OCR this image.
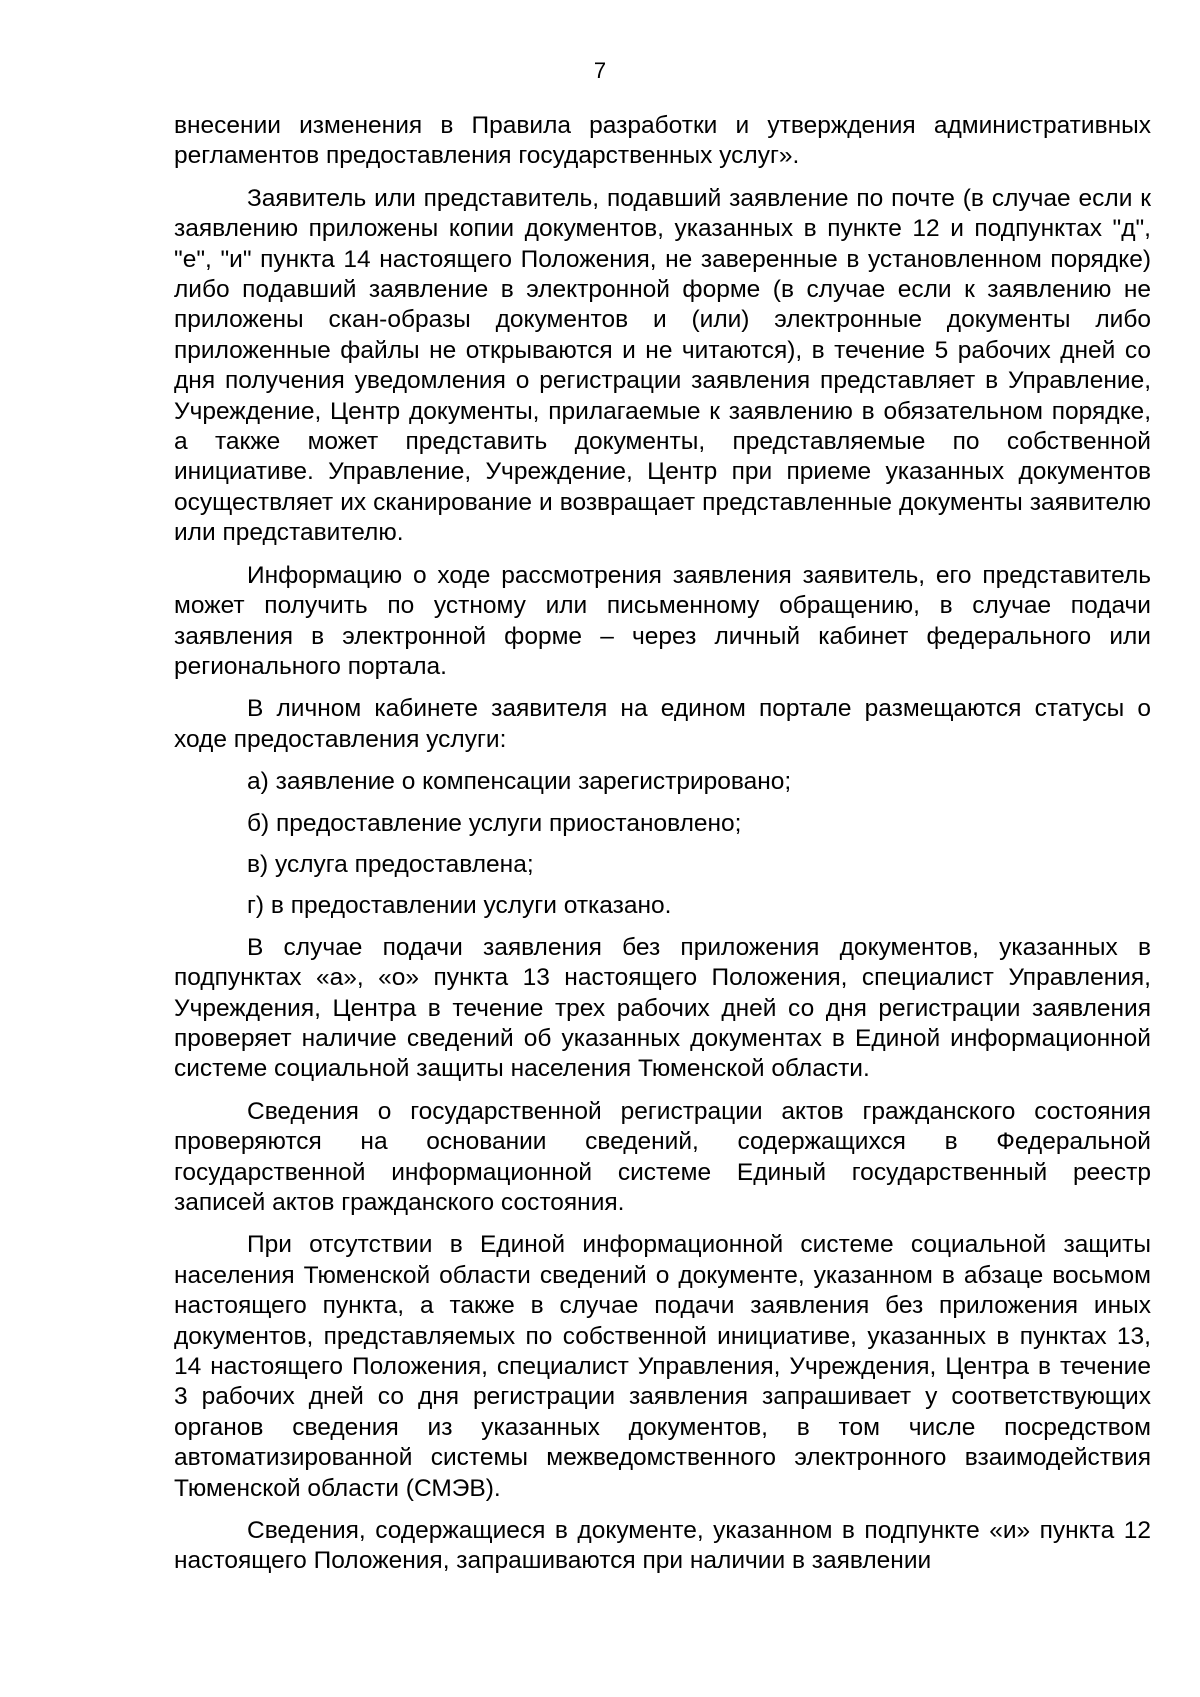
7

внесении изменения в Правила разработки и утверждения административных регламентов предоставления государственных услуг».

Заявитель или представитель, подавший заявление по почте (в случае если к заявлению приложены копии документов, указанных в пункте 12 и подпунктах "д", "е", "и" пункта 14 настоящего Положения, не заверенные в установленном порядке) либо подавший заявление в электронной форме (в случае если к заявлению не приложены скан-образы документов и (или) электронные документы либо приложенные файлы не открываются и не читаются), в течение 5 рабочих дней со дня получения уведомления о регистрации заявления представляет в Управление, Учреждение, Центр документы, прилагаемые к заявлению в обязательном порядке, а также может представить документы, представляемые по собственной инициативе. Управление, Учреждение, Центр при приеме указанных документов осуществляет их сканирование и возвращает представленные документы заявителю или представителю.

Информацию о ходе рассмотрения заявления заявитель, его представитель может получить по устному или письменному обращению, в случае подачи заявления в электронной форме – через личный кабинет федерального или регионального портала.

В личном кабинете заявителя на едином портале размещаются статусы о ходе предоставления услуги:

а) заявление о компенсации зарегистрировано;

б) предоставление услуги приостановлено;

в) услуга предоставлена;

г) в предоставлении услуги отказано.

В случае подачи заявления без приложения документов, указанных в подпунктах «а», «о» пункта 13 настоящего Положения, специалист Управления, Учреждения, Центра в течение трех рабочих дней со дня регистрации заявления проверяет наличие сведений об указанных документах в Единой информационной системе социальной защиты населения Тюменской области.

Сведения о государственной регистрации актов гражданского состояния проверяются на основании сведений, содержащихся в Федеральной государственной информационной системе Единый государственный реестр записей актов гражданского состояния.

При отсутствии в Единой информационной системе социальной защиты населения Тюменской области сведений о документе, указанном в абзаце восьмом настоящего пункта, а также в случае подачи заявления без приложения иных документов, представляемых по собственной инициативе, указанных в пунктах 13, 14 настоящего Положения, специалист Управления, Учреждения, Центра в течение 3 рабочих дней со дня регистрации заявления запрашивает у соответствующих органов сведения из указанных документов, в том числе посредством автоматизированной системы межведомственного электронного взаимодействия Тюменской области (СМЭВ).

Сведения, содержащиеся в документе, указанном в подпункте «и» пункта 12 настоящего Положения, запрашиваются при наличии в заявлении
